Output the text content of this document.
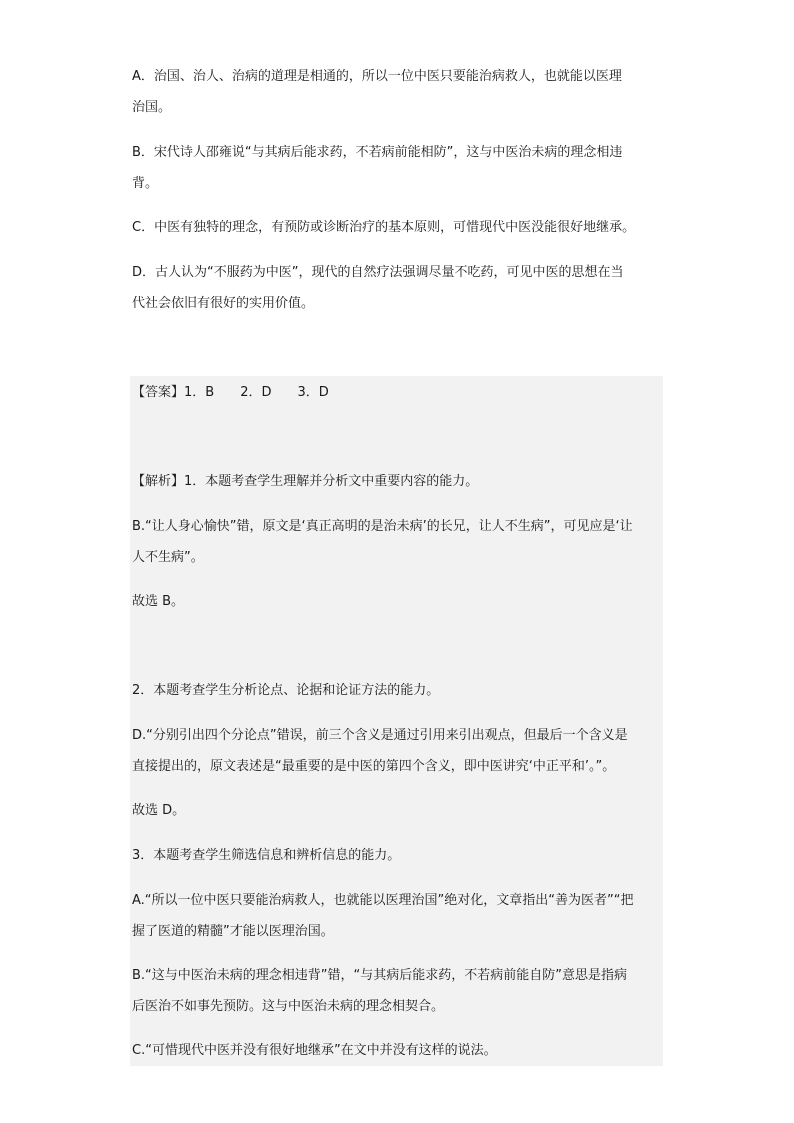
A．治国、治人、治病的道理是相通的，所以一位中医只要能治病救人，也就能以医理
治国。

B．宋代诗人邵雍说“与其病后能求药，不若病前能相防”，这与中医治未病的理念相违
背。

C．中医有独特的理念，有预防或诊断治疗的基本原则，可惜现代中医没能很好地继承。

D．古人认为“不服药为中医”，现代的自然疗法强调尽量不吃药，可见中医的思想在当
代社会依旧有很好的实用价值。

【答案】1．B　　2．D　　3．D

【解析】1．本题考查学生理解并分析文中重要内容的能力。

B.“让人身心愉快”错，原文是‘真正高明的是治未病’的长兄，让人不生病”，可见应是‘让
人不生病”。

故选 B。

2．本题考查学生分析论点、论据和论证方法的能力。

D.“分别引出四个分论点”错误，前三个含义是通过引用来引出观点，但最后一个含义是
直接提出的，原文表述是“最重要的是中医的第四个含义，即中医讲究‘中正平和’。”。

故选 D。

3．本题考查学生筛选信息和辨析信息的能力。

A.“所以一位中医只要能治病救人，也就能以医理治国”绝对化，文章指出“善为医者”“把
握了医道的精髓”才能以医理治国。

B.“这与中医治未病的理念相违背”错，“与其病后能求药，不若病前能自防”意思是指病
后医治不如事先预防。这与中医治未病的理念相契合。

C.“可惜现代中医并没有很好地继承”在文中并没有这样的说法。
